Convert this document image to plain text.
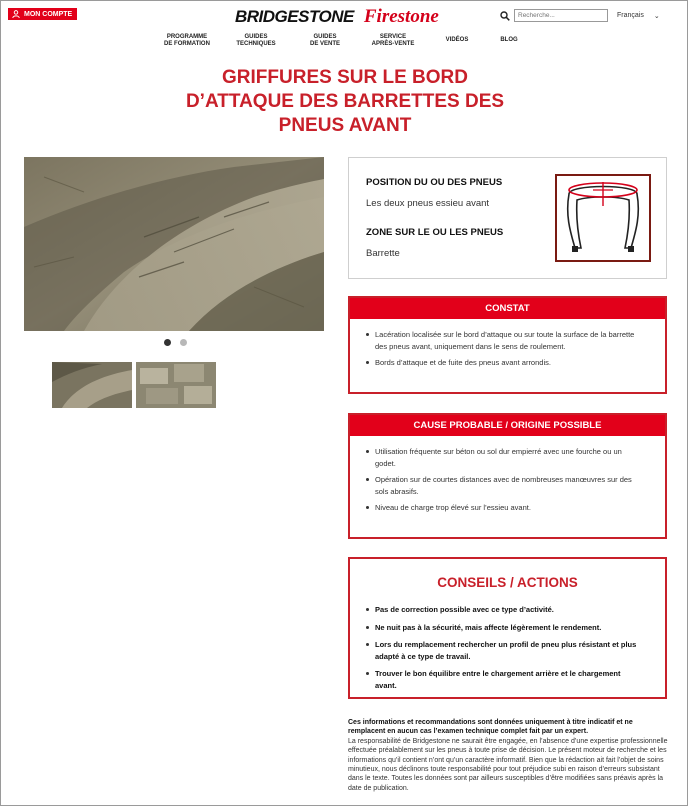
MON COMPTE	BRIDGESTONE Firestone
Recherche...	Français ⌄
PROGRAMME
DE FORMATION
GUIDES
TECHNIQUES
GUIDES
DE VENTE
SERVICE
APRÈS-VENTE
VIDÉOS	BLOG
GRIFFURES SUR LE BORD D’ATTAQUE DES BARRETTES DES PNEUS AVANT
POSITION DU OU DES PNEUS
Les deux pneus essieu avant
ZONE SUR LE OU LES PNEUS
Barrette
CONSTAT
Lacération localisée sur le bord d’attaque ou sur toute la surface de la barrette des pneus avant, uniquement dans le sens de roulement.
Bords d’attaque et de fuite des pneus avant arrondis.
CAUSE PROBABLE / ORIGINE POSSIBLE
Utilisation fréquente sur béton ou sol dur empierré avec une fourche ou un godet.
Opération sur de courtes distances avec de nombreuses manœuvres sur des sols abrasifs.
Niveau de charge trop élevé sur l’essieu avant.
CONSEILS / ACTIONS
Pas de correction possible avec ce type d’activité.
Ne nuit pas à la sécurité, mais affecte légèrement le rendement.
Lors du remplacement rechercher un profil de pneu plus résistant et plus adapté à ce type de travail.
Trouver le bon équilibre entre le chargement arrière et le chargement avant.
Ces informations et recommandations sont données uniquement à titre indicatif et ne remplacent en aucun cas l’examen technique complet fait par un expert.
La responsabilité de Bridgestone ne saurait être engagée, en l’absence d’une expertise professionnelle effectuée préalablement sur les pneus à toute prise de décision. Le présent moteur de recherche et les informations qu’il contient n’ont qu’un caractère informatif. Bien que la rédaction ait fait l’objet de soins minutieux, nous déclinons toute responsabilité pour tout préjudice subi en raison d’erreurs subsistant dans le texte. Toutes les données sont par ailleurs susceptibles d’être modifiées sans préavis après la date de publication.
